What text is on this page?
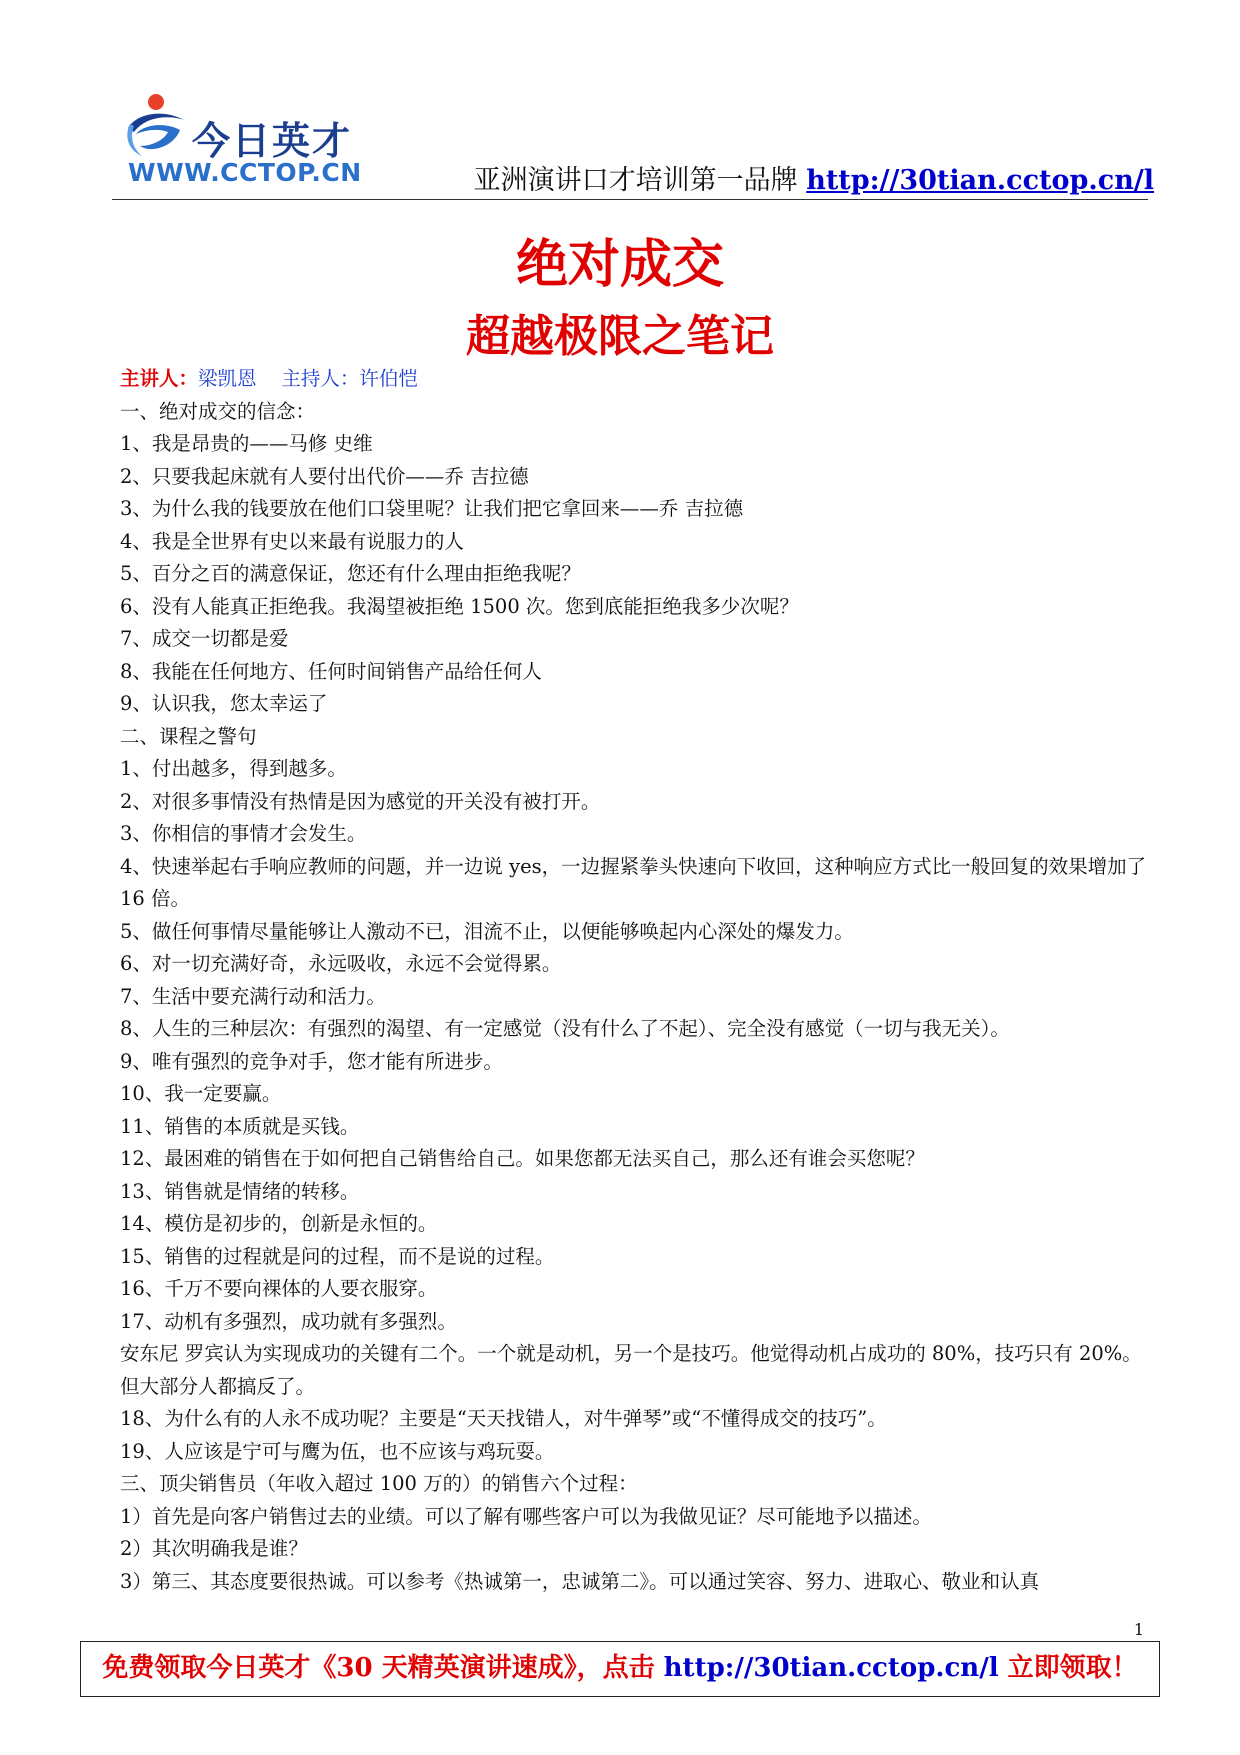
今日英才
WWW.CCTOP.CN	亚洲演讲口才培训第一品牌 http://30tian.cctop.cn/l
绝对成交
超越极限之笔记

主讲人：梁凯恩 主持人：许伯恺

一、绝对成交的信念：

1、我是昂贵的——马修 史维

2、只要我起床就有人要付出代价——乔 吉拉德

3、为什么我的钱要放在他们口袋里呢？让我们把它拿回来——乔 吉拉德

4、我是全世界有史以来最有说服力的人

5、百分之百的满意保证，您还有什么理由拒绝我呢？

6、没有人能真正拒绝我。我渴望被拒绝 1500 次。您到底能拒绝我多少次呢？

7、成交一切都是爱

8、我能在任何地方、任何时间销售产品给任何人

9、认识我，您太幸运了

二、课程之警句

1、付出越多，得到越多。

2、对很多事情没有热情是因为感觉的开关没有被打开。

3、你相信的事情才会发生。

4、快速举起右手响应教师的问题，并一边说 yes，一边握紧拳头快速向下收回，这种响应方式比一般回复的效果增加了 16 倍。

5、做任何事情尽量能够让人激动不已，泪流不止，以便能够唤起内心深处的爆发力。

6、对一切充满好奇，永远吸收，永远不会觉得累。

7、生活中要充满行动和活力。

8、人生的三种层次：有强烈的渴望、有一定感觉（没有什么了不起）、完全没有感觉（一切与我无关）。

9、唯有强烈的竞争对手，您才能有所进步。

10、我一定要赢。

11、销售的本质就是买钱。

12、最困难的销售在于如何把自己销售给自己。如果您都无法买自己，那么还有谁会买您呢？

13、销售就是情绪的转移。

14、模仿是初步的，创新是永恒的。

15、销售的过程就是问的过程，而不是说的过程。

16、千万不要向裸体的人要衣服穿。

17、动机有多强烈，成功就有多强烈。

安东尼 罗宾认为实现成功的关键有二个。一个就是动机，另一个是技巧。他觉得动机占成功的 80%，技巧只有 20%。但大部分人都搞反了。

18、为什么有的人永不成功呢？主要是“天天找错人，对牛弹琴”或“不懂得成交的技巧”。

19、人应该是宁可与鹰为伍，也不应该与鸡玩耍。

三、顶尖销售员（年收入超过 100 万的）的销售六个过程：

1）首先是向客户销售过去的业绩。可以了解有哪些客户可以为我做见证？尽可能地予以描述。

2）其次明确我是谁？

3）第三、其态度要很热诚。可以参考《热诚第一，忠诚第二》。可以通过笑容、努力、进取心、敬业和认真

1
免费领取今日英才《30 天精英演讲速成》，点击 http://30tian.cctop.cn/l 立即领取！
